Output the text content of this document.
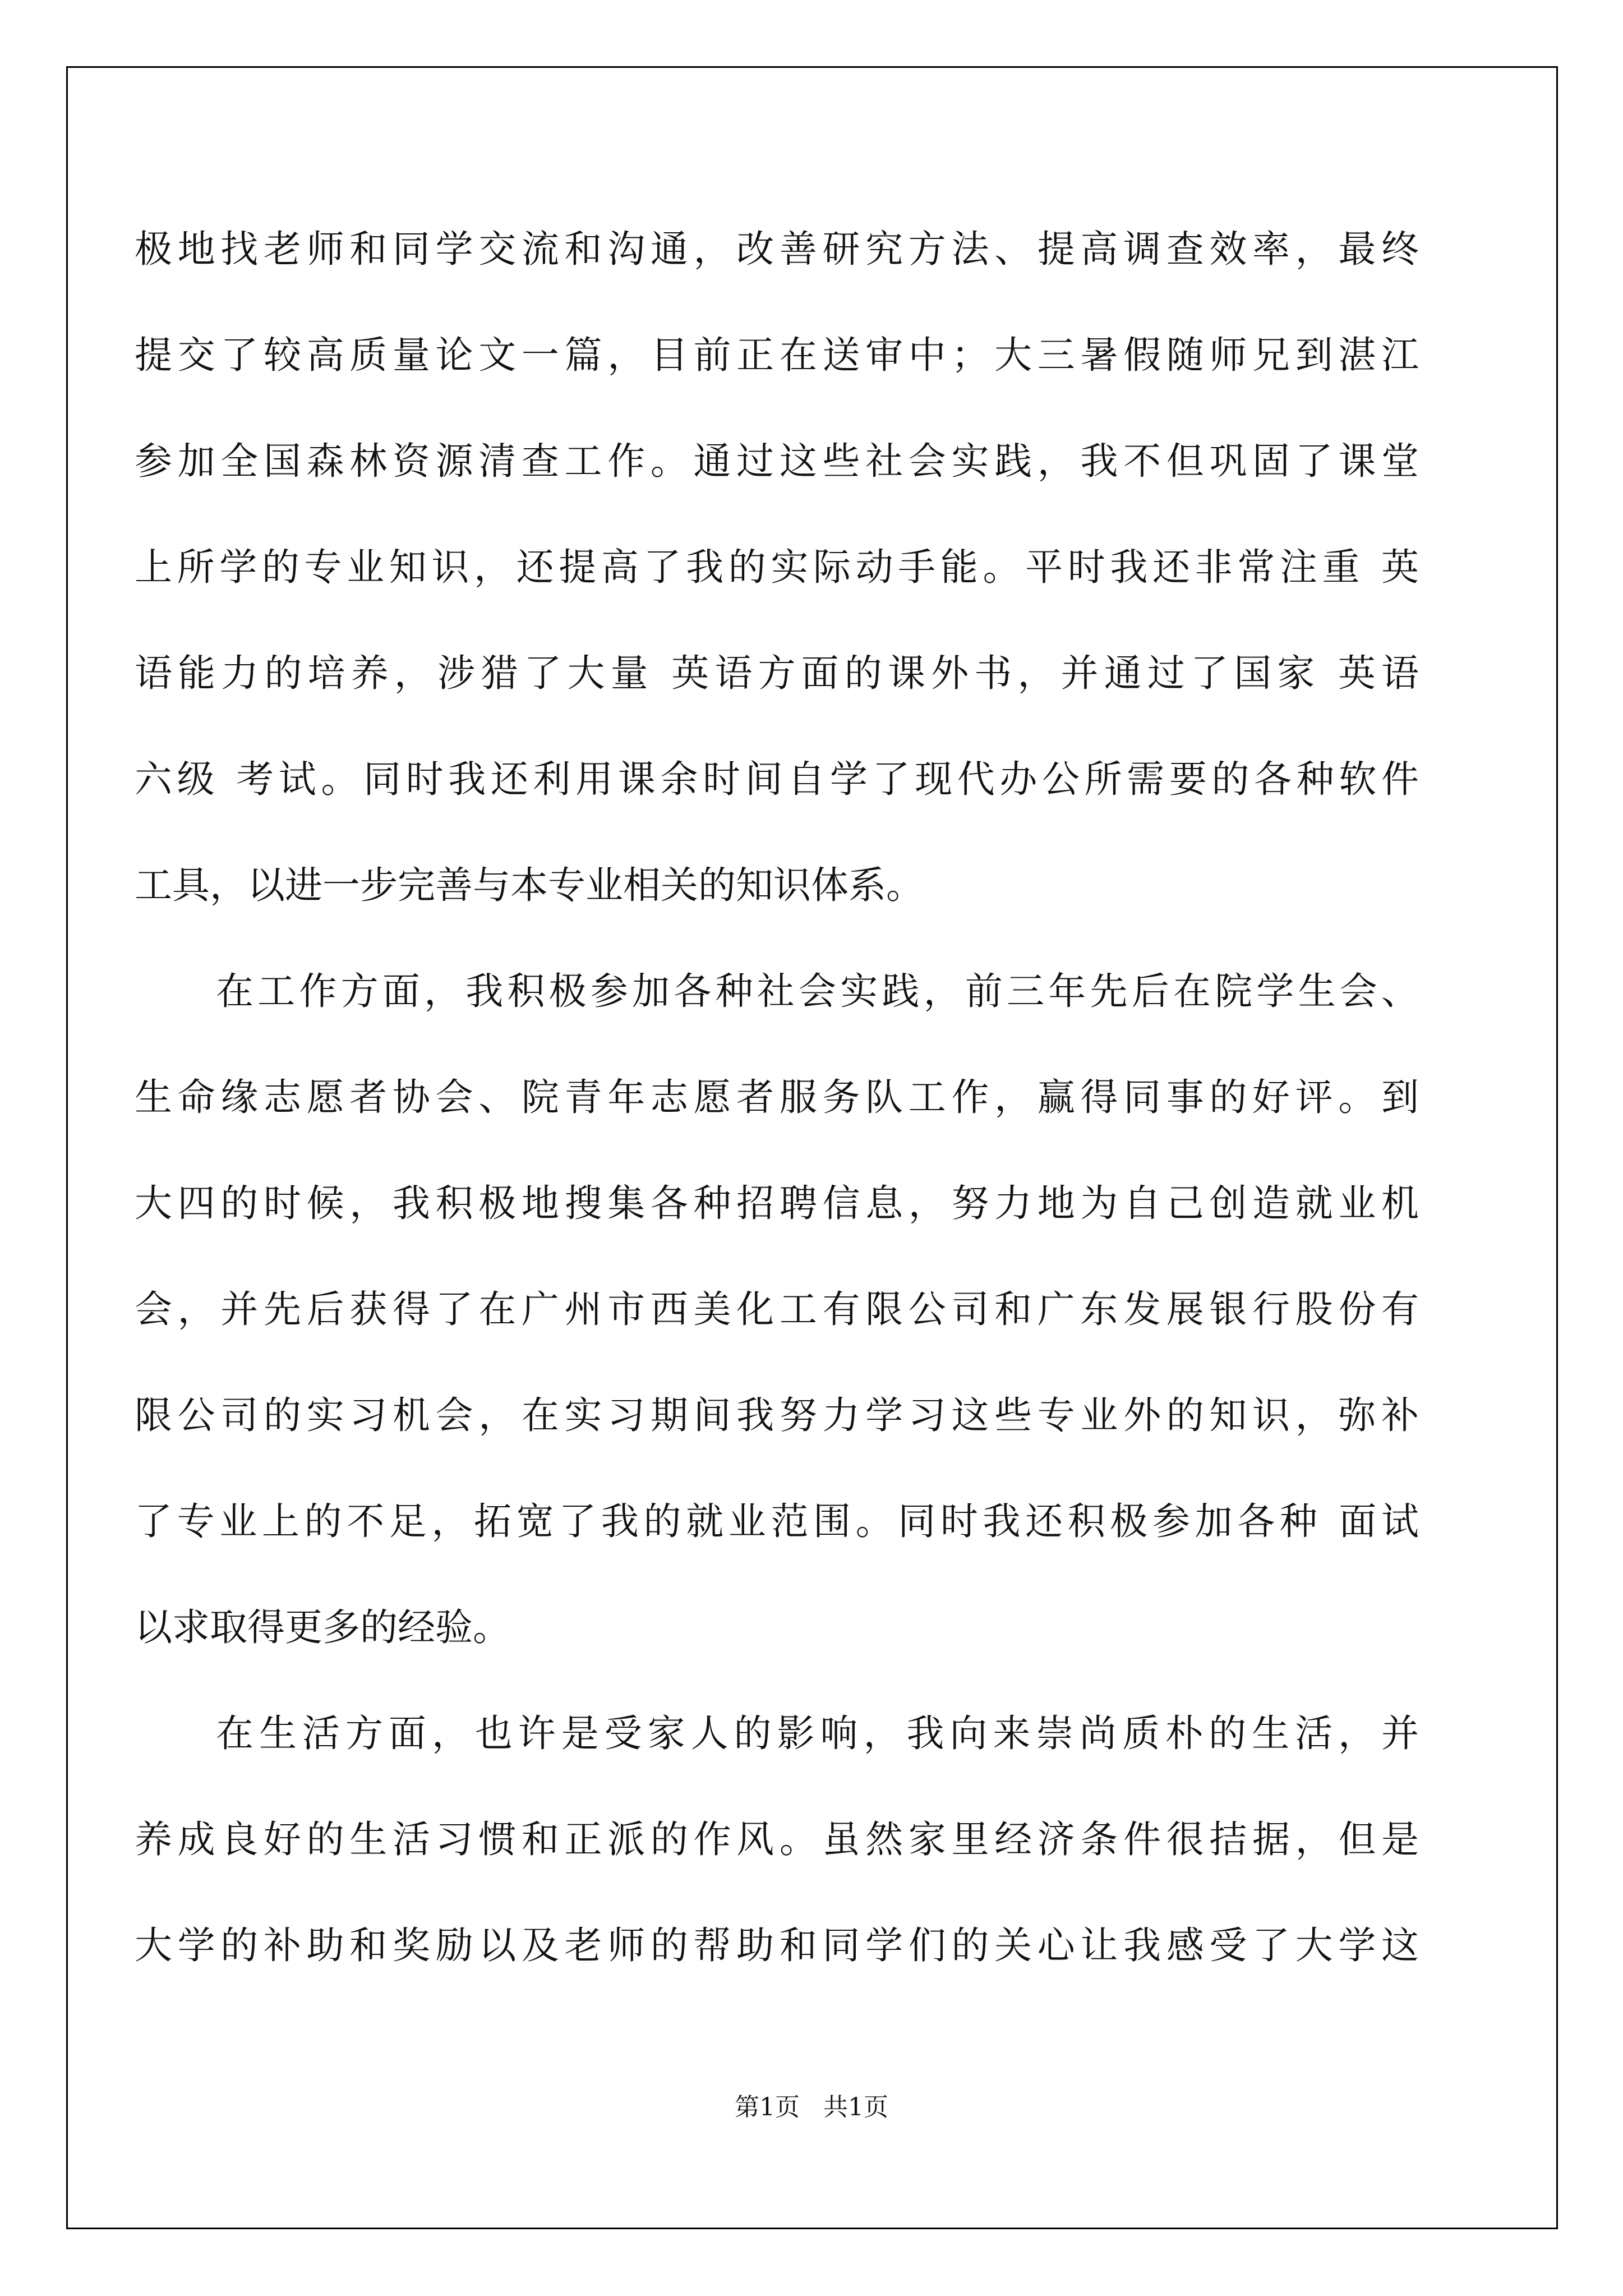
极地找老师和同学交流和沟通，改善研究方法、提高调查效率，最终
提交了较高质量论文一篇，目前正在送审中；大三暑假随师兄到湛江
参加全国森林资源清查工作。通过这些社会实践，我不但巩固了课堂
上所学的专业知识，还提高了我的实际动手能。平时我还非常注重 英
语能力的培养，涉猎了大量 英语方面的课外书，并通过了国家 英语
六级 考试。同时我还利用课余时间自学了现代办公所需要的各种软件
工具，以进一步完善与本专业相关的知识体系。
在工作方面，我积极参加各种社会实践，前三年先后在院学生会、
生命缘志愿者协会、院青年志愿者服务队工作，赢得同事的好评。到
大四的时候，我积极地搜集各种招聘信息，努力地为自己创造就业机
会，并先后获得了在广州市西美化工有限公司和广东发展银行股份有
限公司的实习机会，在实习期间我努力学习这些专业外的知识，弥补
了专业上的不足，拓宽了我的就业范围。同时我还积极参加各种 面试
以求取得更多的经验。
在生活方面，也许是受家人的影响，我向来崇尚质朴的生活，并
养成良好的生活习惯和正派的作风。虽然家里经济条件很拮据，但是
大学的补助和奖励以及老师的帮助和同学们的关心让我感受了大学这
第1页   共1页
